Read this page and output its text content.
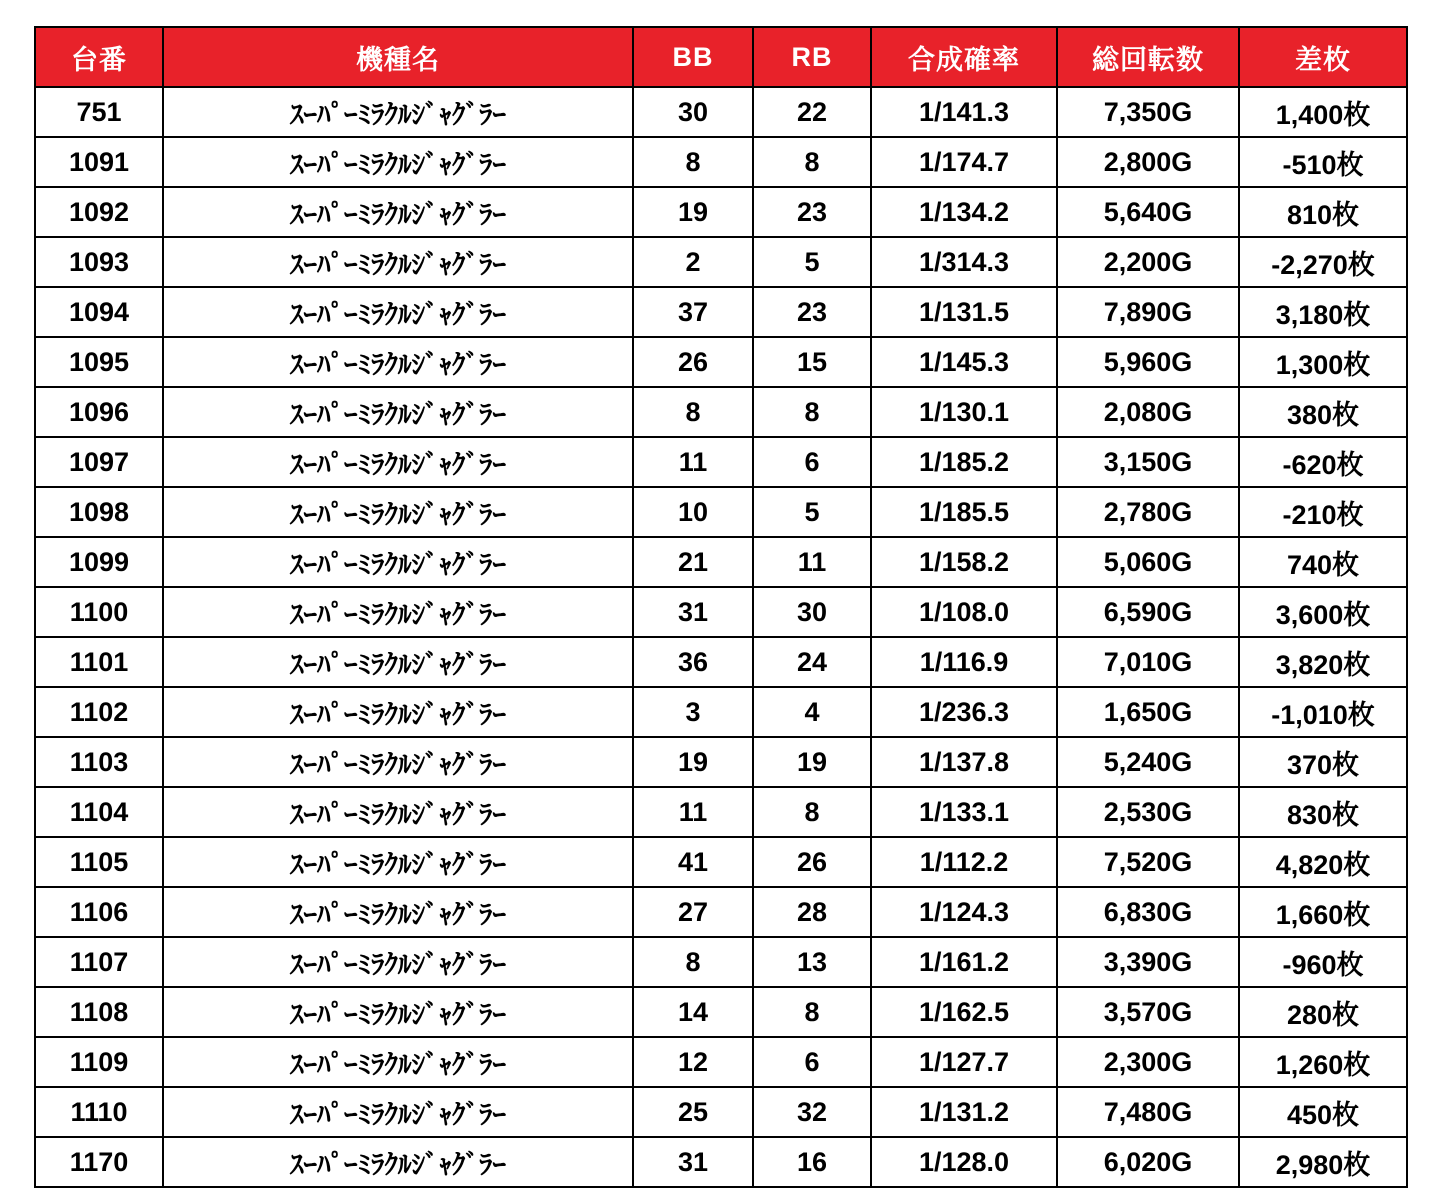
台番	機種名	BB	RB	合成確率	総回転数	差枚
751	ｽｰﾊﾟｰﾐﾗｸﾙｼﾞｬｸﾞﾗｰ	30	22	1/141.3	7,350G	1,400枚
1091	ｽｰﾊﾟｰﾐﾗｸﾙｼﾞｬｸﾞﾗｰ	8	8	1/174.7	2,800G	-510枚
1092	ｽｰﾊﾟｰﾐﾗｸﾙｼﾞｬｸﾞﾗｰ	19	23	1/134.2	5,640G	810枚
1093	ｽｰﾊﾟｰﾐﾗｸﾙｼﾞｬｸﾞﾗｰ	2	5	1/314.3	2,200G	-2,270枚
1094	ｽｰﾊﾟｰﾐﾗｸﾙｼﾞｬｸﾞﾗｰ	37	23	1/131.5	7,890G	3,180枚
1095	ｽｰﾊﾟｰﾐﾗｸﾙｼﾞｬｸﾞﾗｰ	26	15	1/145.3	5,960G	1,300枚
1096	ｽｰﾊﾟｰﾐﾗｸﾙｼﾞｬｸﾞﾗｰ	8	8	1/130.1	2,080G	380枚
1097	ｽｰﾊﾟｰﾐﾗｸﾙｼﾞｬｸﾞﾗｰ	11	6	1/185.2	3,150G	-620枚
1098	ｽｰﾊﾟｰﾐﾗｸﾙｼﾞｬｸﾞﾗｰ	10	5	1/185.5	2,780G	-210枚
1099	ｽｰﾊﾟｰﾐﾗｸﾙｼﾞｬｸﾞﾗｰ	21	11	1/158.2	5,060G	740枚
1100	ｽｰﾊﾟｰﾐﾗｸﾙｼﾞｬｸﾞﾗｰ	31	30	1/108.0	6,590G	3,600枚
1101	ｽｰﾊﾟｰﾐﾗｸﾙｼﾞｬｸﾞﾗｰ	36	24	1/116.9	7,010G	3,820枚
1102	ｽｰﾊﾟｰﾐﾗｸﾙｼﾞｬｸﾞﾗｰ	3	4	1/236.3	1,650G	-1,010枚
1103	ｽｰﾊﾟｰﾐﾗｸﾙｼﾞｬｸﾞﾗｰ	19	19	1/137.8	5,240G	370枚
1104	ｽｰﾊﾟｰﾐﾗｸﾙｼﾞｬｸﾞﾗｰ	11	8	1/133.1	2,530G	830枚
1105	ｽｰﾊﾟｰﾐﾗｸﾙｼﾞｬｸﾞﾗｰ	41	26	1/112.2	7,520G	4,820枚
1106	ｽｰﾊﾟｰﾐﾗｸﾙｼﾞｬｸﾞﾗｰ	27	28	1/124.3	6,830G	1,660枚
1107	ｽｰﾊﾟｰﾐﾗｸﾙｼﾞｬｸﾞﾗｰ	8	13	1/161.2	3,390G	-960枚
1108	ｽｰﾊﾟｰﾐﾗｸﾙｼﾞｬｸﾞﾗｰ	14	8	1/162.5	3,570G	280枚
1109	ｽｰﾊﾟｰﾐﾗｸﾙｼﾞｬｸﾞﾗｰ	12	6	1/127.7	2,300G	1,260枚
1110	ｽｰﾊﾟｰﾐﾗｸﾙｼﾞｬｸﾞﾗｰ	25	32	1/131.2	7,480G	450枚
1170	ｽｰﾊﾟｰﾐﾗｸﾙｼﾞｬｸﾞﾗｰ	31	16	1/128.0	6,020G	2,980枚
